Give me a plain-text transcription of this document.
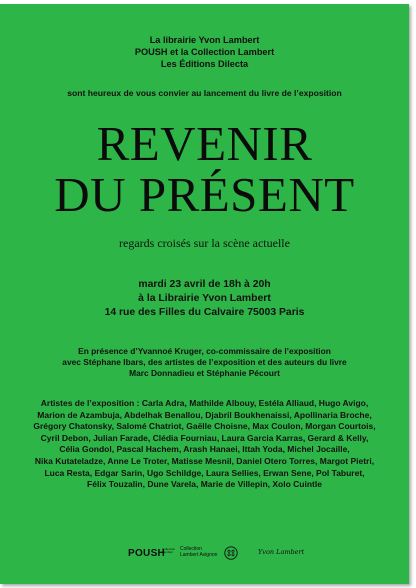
La librairie Yvon Lambert
POUSH et la Collection Lambert
Les Éditions Dilecta
sont heureux de vous convier au lancement du livre de l’exposition
REVENIR
DU PRÉSENT
regards croisés sur la scène actuelle
mardi 23 avril de 18h à 20h
à la Librairie Yvon Lambert
14 rue des Filles du Calvaire 75003 Paris
En présence d’Yvannoé Kruger, co-commissaire de l’exposition
avec Stéphane Ibars, des artistes de l’exposition et des auteurs du livre
Marc Donnadieu et Stéphanie Pécourt
Artistes de l’exposition : Carla Adra, Mathilde Albouy, Estéla Alliaud, Hugo Avigo,
Marion de Azambuja, Abdelhak Benallou, Djabril Boukhenaissi, Apollinaria Broche,
Grégory Chatonsky, Salomé Chatriot, Gaëlle Choisne, Max Coulon, Morgan Courtois,
Cyril Debon, Julian Farade, Clédia Fourniau, Laura Garcia Karras, Gerard & Kelly,
Célia Gondol, Pascal Hachem, Arash Hanaei, Ittah Yoda, Michel Jocaille,
Nika Kutateladze, Anne Le Troter, Matisse Mesnil, Daniel Otero Torres, Margot Pietri,
Luca Resta, Edgar Sarin, Ugo Schildge, Laura Sellies, Erwan Sene, Pol Taburet,
Félix Touzalin, Dune Varela, Marie de Villepin, Xolo Cuintle
POUSH
Collection
Lambert
Collection
Lambert Avignon	Yvon Lambert
